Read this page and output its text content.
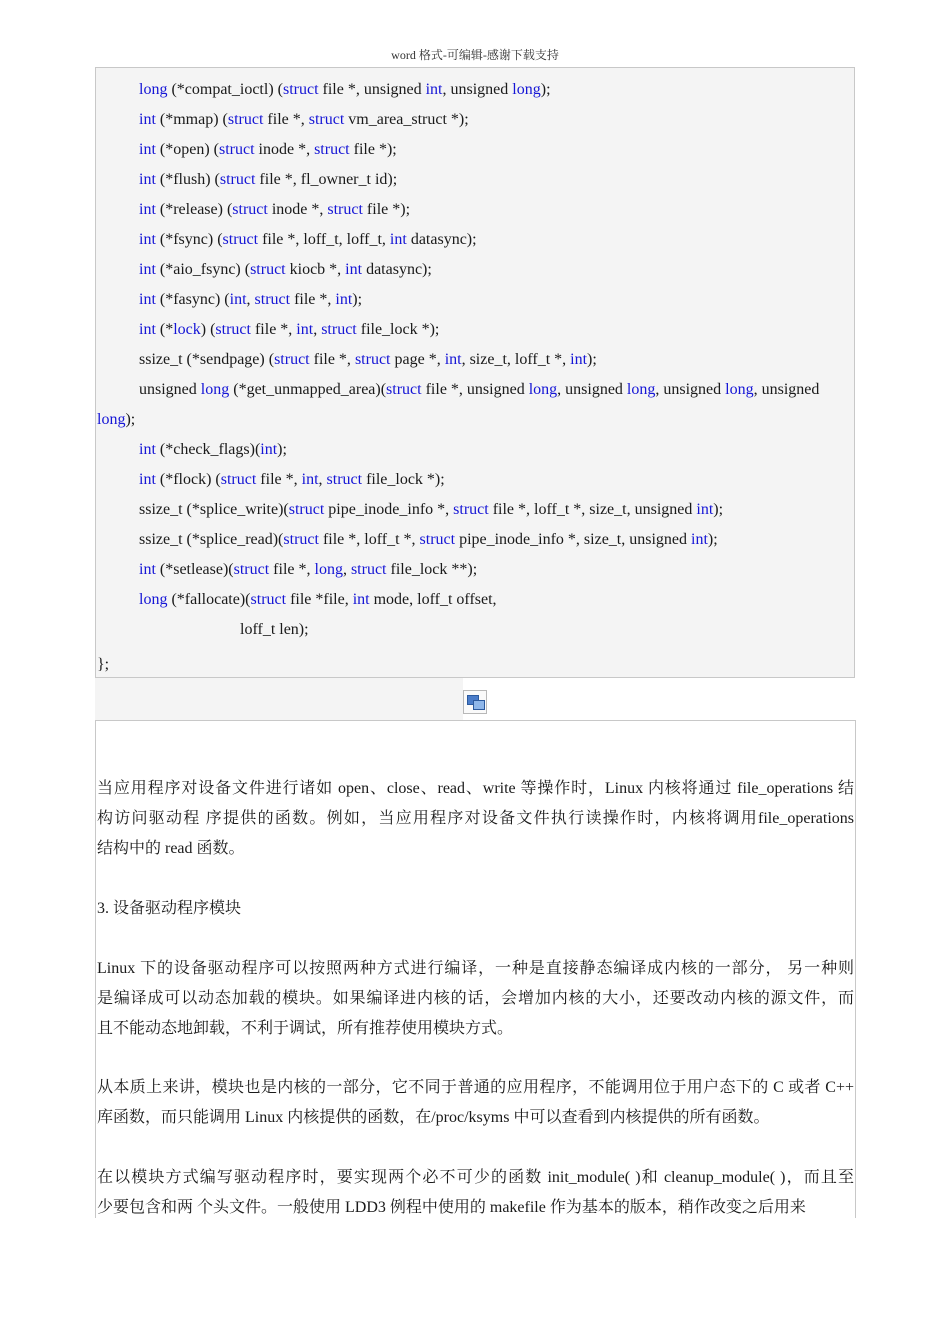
word 格式-可编辑-感谢下载支持
long (*compat_ioctl) (struct file *, unsigned int, unsigned long);
int (*mmap) (struct file *, struct vm_area_struct *);
int (*open) (struct inode *, struct file *);
int (*flush) (struct file *, fl_owner_t id);
int (*release) (struct inode *, struct file *);
int (*fsync) (struct file *, loff_t, loff_t, int datasync);
int (*aio_fsync) (struct kiocb *, int datasync);
int (*fasync) (int, struct file *, int);
int (*lock) (struct file *, int, struct file_lock *);
ssize_t (*sendpage) (struct file *, struct page *, int, size_t, loff_t *, int);
unsigned long (*get_unmapped_area)(struct file *, unsigned long, unsigned long, unsigned long, unsigned
long);
int (*check_flags)(int);
int (*flock) (struct file *, int, struct file_lock *);
ssize_t (*splice_write)(struct pipe_inode_info *, struct file *, loff_t *, size_t, unsigned int);
ssize_t (*splice_read)(struct file *, loff_t *, struct pipe_inode_info *, size_t, unsigned int);
int (*setlease)(struct file *, long, struct file_lock **);
long (*fallocate)(struct file *file, int mode, loff_t offset,
loff_t len);
};
当应用程序对设备文件进行诸如 open、close、read、write 等操作时，Linux 内核将通过 file_operations 结
构访问驱动程 序提供的函数。例如，当应用程序对设备文件执行读操作时，内核将调用file_operations
结构中的 read 函数。
3. 设备驱动程序模块
Linux 下的设备驱动程序可以按照两种方式进行编译，一种是直接静态编译成内核的一部分， 另一种则
是编译成可以动态加载的模块。如果编译进内核的话，会增加内核的大小，还要改动内核的源文件，而
且不能动态地卸载，不利于调试，所有推荐使用模块方式。
从本质上来讲，模块也是内核的一部分，它不同于普通的应用程序，不能调用位于用户态下的 C 或者 C++
库函数，而只能调用 Linux 内核提供的函数，在/proc/ksyms 中可以查看到内核提供的所有函数。
在以模块方式编写驱动程序时，要实现两个必不可少的函数 init_module( )和 cleanup_module( )，而且至
少要包含和两 个头文件。一般使用 LDD3 例程中使用的 makefile 作为基本的版本，稍作改变之后用来
